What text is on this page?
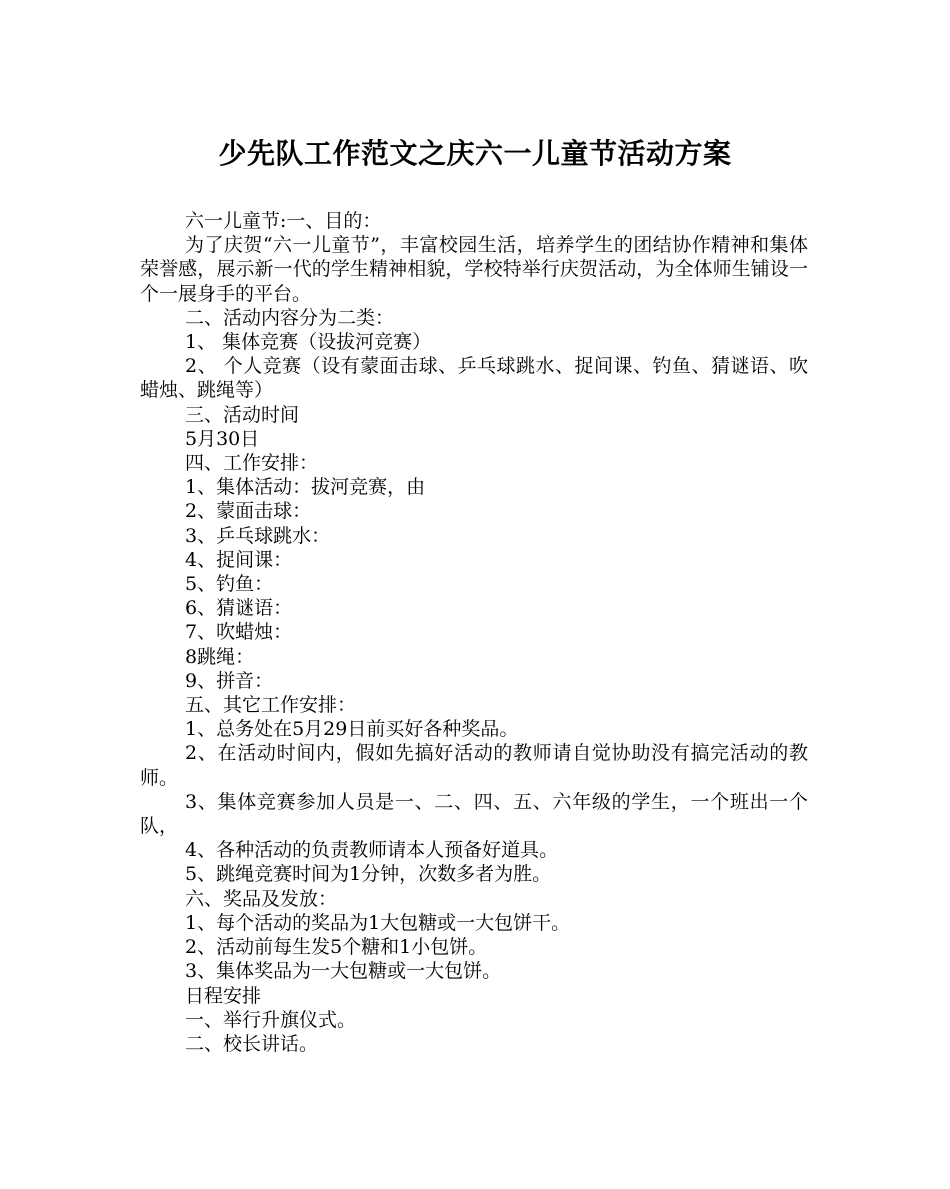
少先队工作范文之庆六一儿童节活动方案

六一儿童节:一、目的：

为了庆贺“六一儿童节”，丰富校园生活，培养学生的团结协作精神和集体荣誉感，展示新一代的学生精神相貌，学校特举行庆贺活动，为全体师生铺设一个一展身手的平台。

二、活动内容分为二类：

1、 集体竞赛（设拔河竞赛）

2、 个人竞赛（设有蒙面击球、乒乓球跳水、捉间课、钓鱼、猜谜语、吹蜡烛、跳绳等）

三、活动时间

5月30日

四、工作安排：

1、集体活动：拔河竞赛，由

2、蒙面击球：

3、乒乓球跳水：

4、捉间课：

5、钓鱼：

6、猜谜语：

7、吹蜡烛：

8跳绳：

9、拼音：

五、其它工作安排：

1、总务处在5月29日前买好各种奖品。

2、在活动时间内，假如先搞好活动的教师请自觉协助没有搞完活动的教师。

3、集体竞赛参加人员是一、二、四、五、六年级的学生，一个班出一个队，

4、各种活动的负责教师请本人预备好道具。

5、跳绳竞赛时间为1分钟，次数多者为胜。

六、奖品及发放：

1、每个活动的奖品为1大包糖或一大包饼干。

2、活动前每生发5个糖和1小包饼。

3、集体奖品为一大包糖或一大包饼。

日程安排

一、举行升旗仪式。

二、校长讲话。
